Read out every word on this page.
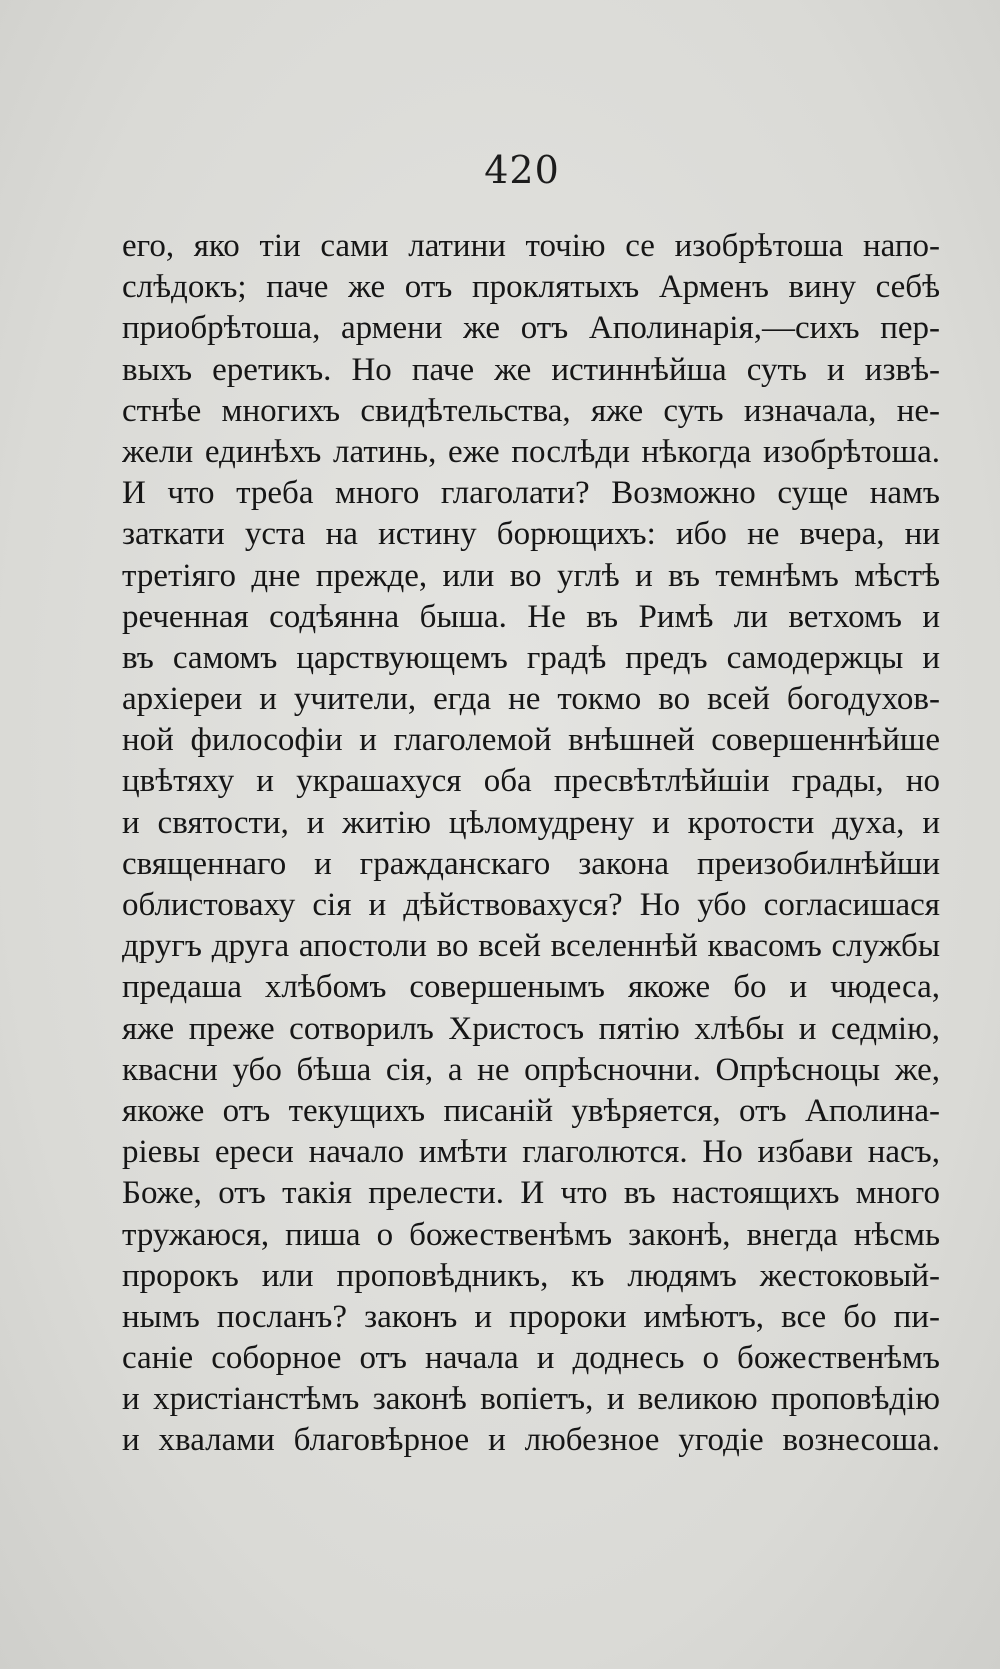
420
его, яко тіи сами латини точію се изобрѣтоша напо-
слѣдокъ; паче же отъ проклятыхъ Арменъ вину себѣ
приобрѣтоша, армени же отъ Аполинарія,—сихъ пер-
выхъ еретикъ. Но паче же истиннѣйша суть и извѣ-
стнѣе многихъ свидѣтельства, яже суть изначала, не-
жели единѣхъ латинь, еже послѣди нѣкогда изобрѣтоша.
И что треба много глаголати? Возможно суще намъ
заткати уста на истину борющихъ: ибо не вчера, ни
третіяго дне прежде, или во углѣ и въ темнѣмъ мѣстѣ
реченная содѣянна быша. Не въ Римѣ ли ветхомъ и
въ самомъ царствующемъ градѣ предъ самодержцы и
архіереи и учители, егда не токмо во всей богодухов-
ной философіи и глаголемой внѣшней совершеннѣйше
цвѣтяху и украшахуся оба пресвѣтлѣйшіи грады, но
и святости, и житію цѣломудрену и кротости духа, и
священнаго и гражданскаго закона преизобилнѣйши
облистоваху сія и дѣйствовахуся? Но убо согласишася
другъ друга апостоли во всей вселеннѣй квасомъ службы
предаша хлѣбомъ совершенымъ якоже бо и чюдеса,
яже преже сотворилъ Христосъ пятію хлѣбы и седмію,
квасни убо бѣша сія, а не опрѣсночни. Опрѣсноцы же,
якоже отъ текущихъ писаній увѣряется, отъ Аполина-
ріевы ереси начало имѣти глаголются. Но избави насъ,
Боже, отъ такія прелести. И что въ настоящихъ много
тружаюся, пиша о божественѣмъ законѣ, внегда нѣсмь
пророкъ или проповѣдникъ, къ людямъ жестоковый-
нымъ посланъ? законъ и пророки имѣютъ, все бо пи-
саніе соборное отъ начала и доднесь о божественѣмъ
и христіанстѣмъ законѣ вопіетъ, и великою проповѣдію
и хвалами благовѣрное и любезное угодіе вознесоша.
